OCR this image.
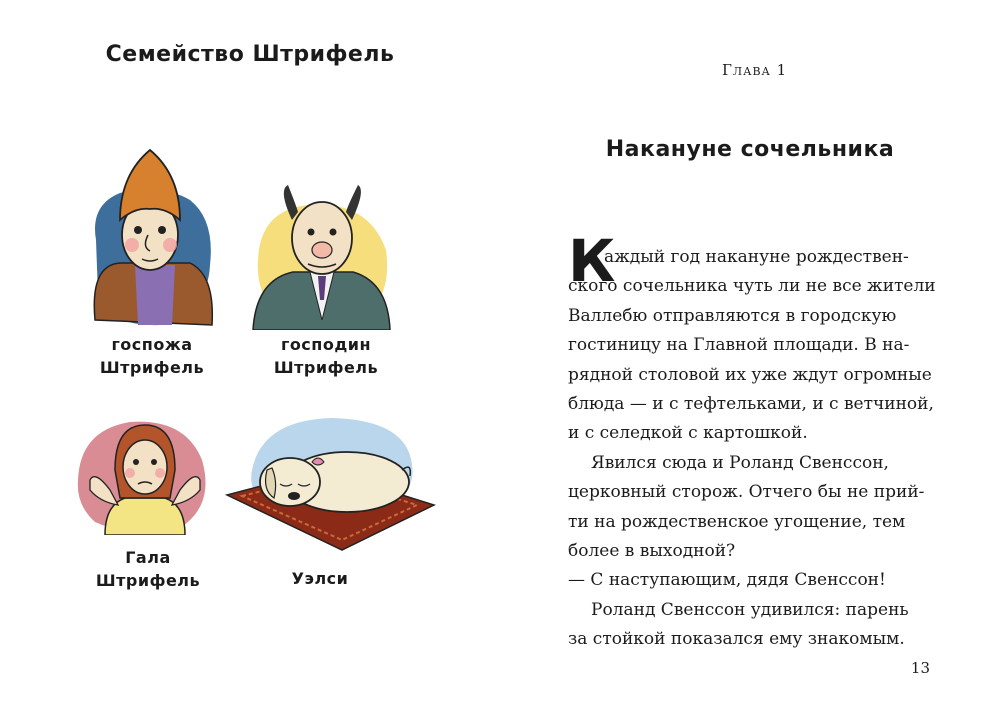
Семейство Штрифель
госпожа
Штрифель
господин
Штрифель
Гала
Штрифель	Уэлси
Глава 1
Накануне сочельника
К
аждый год накануне рождествен-
ского сочельника чуть ли не все жители
Валлебю отправляются в городскую
гостиницу на Главной площади. В на-
рядной столовой их уже ждут огромные
блюда — и с тефтельками, и с ветчиной,
и с селедкой с картошкой.
Явился сюда и Роланд Свенссон,
церковный сторож. Отчего бы не прий-
ти на рождественское угощение, тем
более в выходной?
— С наступающим, дядя Свенссон!
Роланд Свенссон удивился: парень
за стойкой показался ему знакомым.
13
